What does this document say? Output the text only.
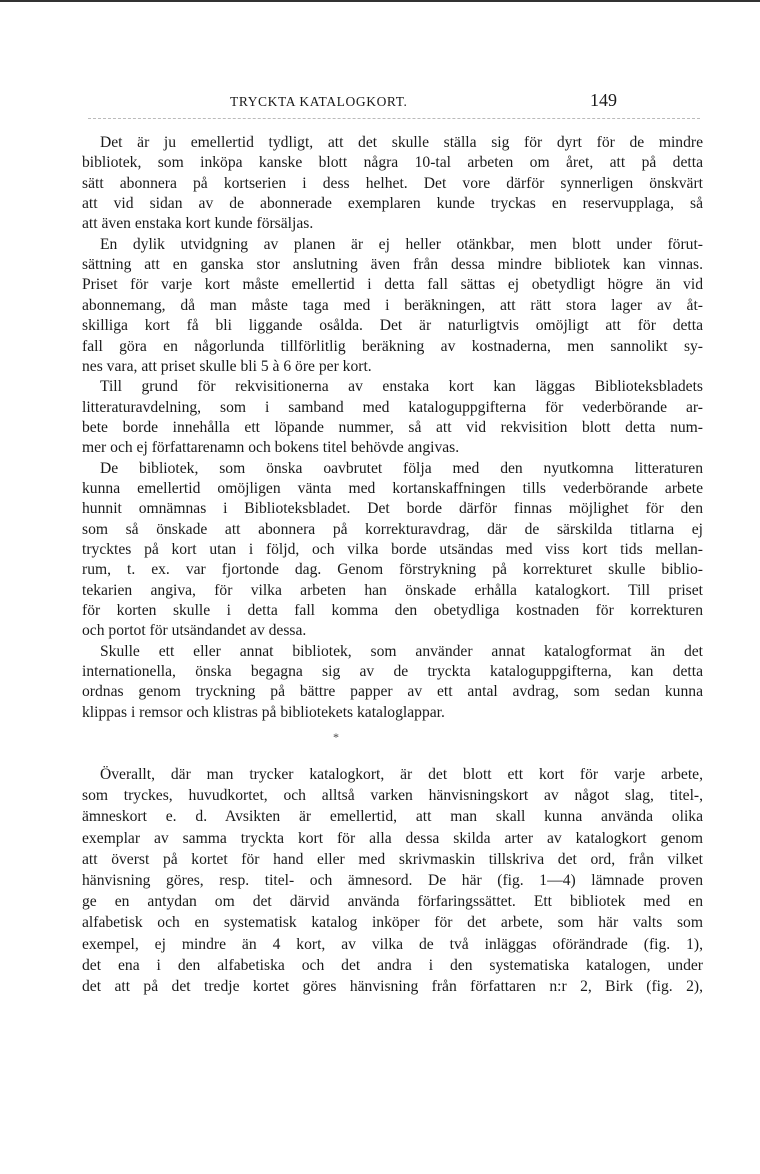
TRYCKTA KATALOGKORT.	149
Det är ju emellertid tydligt, att det skulle ställa sig för dyrt för de mindre
bibliotek, som inköpa kanske blott några 10-tal arbeten om året, att på detta
sätt abonnera på kortserien i dess helhet. Det vore därför synnerligen önskvärt
att vid sidan av de abonnerade exemplaren kunde tryckas en reservupplaga, så
att även enstaka kort kunde försäljas.
En dylik utvidgning av planen är ej heller otänkbar, men blott under förut-
sättning att en ganska stor anslutning även från dessa mindre bibliotek kan vinnas.
Priset för varje kort måste emellertid i detta fall sättas ej obetydligt högre än vid
abonnemang, då man måste taga med i beräkningen, att rätt stora lager av åt-
skilliga kort få bli liggande osålda. Det är naturligtvis omöjligt att för detta
fall göra en någorlunda tillförlitlig beräkning av kostnaderna, men sannolikt sy-
nes vara, att priset skulle bli 5 à 6 öre per kort.
Till grund för rekvisitionerna av enstaka kort kan läggas Biblioteksbladets
litteraturavdelning, som i samband med kataloguppgifterna för vederbörande ar-
bete borde innehålla ett löpande nummer, så att vid rekvisition blott detta num-
mer och ej författarenamn och bokens titel behövde angivas.
De bibliotek, som önska oavbrutet följa med den nyutkomna litteraturen
kunna emellertid omöjligen vänta med kortanskaffningen tills vederbörande arbete
hunnit omnämnas i Biblioteksbladet. Det borde därför finnas möjlighet för den
som så önskade att abonnera på korrekturavdrag, där de särskilda titlarna ej
trycktes på kort utan i följd, och vilka borde utsändas med viss kort tids mellan-
rum, t. ex. var fjortonde dag. Genom förstrykning på korrekturet skulle biblio-
tekarien angiva, för vilka arbeten han önskade erhålla katalogkort. Till priset
för korten skulle i detta fall komma den obetydliga kostnaden för korrekturen
och portot för utsändandet av dessa.
Skulle ett eller annat bibliotek, som använder annat katalogformat än det
internationella, önska begagna sig av de tryckta kataloguppgifterna, kan detta
ordnas genom tryckning på bättre papper av ett antal avdrag, som sedan kunna
klippas i remsor och klistras på bibliotekets kataloglappar.
*
Överallt, där man trycker katalogkort, är det blott ett kort för varje arbete,
som tryckes, huvudkortet, och alltså varken hänvisningskort av något slag, titel-,
ämneskort e. d. Avsikten är emellertid, att man skall kunna använda olika
exemplar av samma tryckta kort för alla dessa skilda arter av katalogkort genom
att överst på kortet för hand eller med skrivmaskin tillskriva det ord, från vilket
hänvisning göres, resp. titel- och ämnesord. De här (fig. 1—4) lämnade proven
ge en antydan om det därvid använda förfaringssättet. Ett bibliotek med en
alfabetisk och en systematisk katalog inköper för det arbete, som här valts som
exempel, ej mindre än 4 kort, av vilka de två inläggas oförändrade (fig. 1),
det ena i den alfabetiska och det andra i den systematiska katalogen, under
det att på det tredje kortet göres hänvisning från författaren n:r 2, Birk (fig. 2),
